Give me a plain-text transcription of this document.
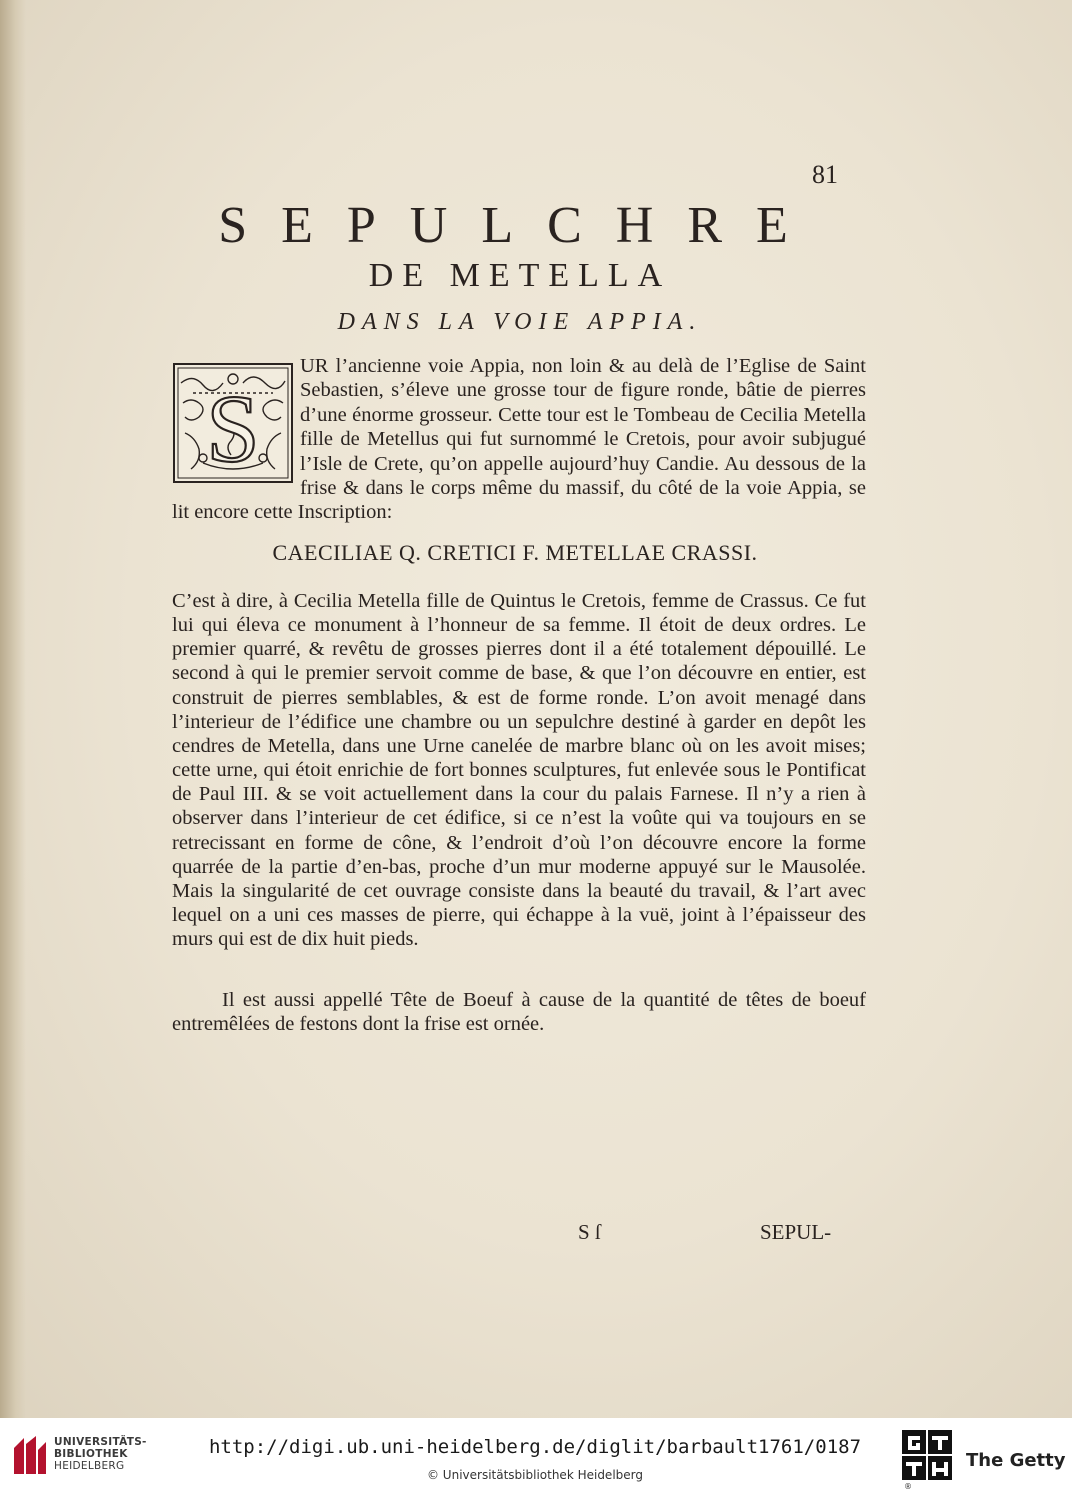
81
SEPULCHRE
DE METELLA
DANS LA VOIE APPIA.
S
UR l’ancienne voie Appia, non loin & au delà de l’Eglise de Saint Sebastien, s’éleve une grosse tour de figure ronde, bâtie de pierres d’une énorme grosseur. Cette tour est le Tombeau de Cecilia Metella fille de Metellus qui fut surnommé le Cretois, pour avoir subjugué l’Isle de Crete, qu’on appelle aujourd’huy Candie. Au dessous de la frise & dans le corps même du massif, du côté de la voie Appia, se lit encore cette Inscription:
CAECILIAE Q. CRETICI F. METELLAE CRASSI.
C’est à dire, à Cecilia Metella fille de Quintus le Cretois, femme de Crassus. Ce fut lui qui éleva ce monument à l’honneur de sa femme. Il étoit de deux ordres. Le premier quarré, & revêtu de grosses pierres dont il a été totalement dépouillé. Le second à qui le premier servoit comme de base, & que l’on découvre en entier, est construit de pierres semblables, & est de forme ronde. L’on avoit menagé dans l’interieur de l’édifice une chambre ou un sepulchre destiné à garder en depôt les cendres de Metella, dans une Urne canelée de marbre blanc où on les avoit mises; cette urne, qui étoit enrichie de fort bonnes sculptures, fut enlevée sous le Pontificat de Paul III. & se voit actuellement dans la cour du palais Farnese. Il n’y a rien à observer dans l’interieur de cet édifice, si ce n’est la voûte qui va toujours en se retrecissant en forme de cône, & l’endroit d’où l’on découvre encore la forme quarrée de la partie d’en-bas, proche d’un mur moderne appuyé sur le Mausolée. Mais la singularité de cet ouvrage consiste dans la beauté du travail, & l’art avec lequel on a uni ces masses de pierre, qui échappe à la vuë, joint à l’épaisseur des murs qui est de dix huit pieds.
Il est aussi appellé Tête de Boeuf à cause de la quantité de têtes de boeuf entremêlées de festons dont la frise est ornée.
S ſ	SEPUL-
UNIVERSITÄTS-
BIBLIOTHEK
HEIDELBERG
http://digi.ub.uni-heidelberg.de/diglit/barbault1761/0187
© Universitätsbibliothek Heidelberg
®
The Getty
